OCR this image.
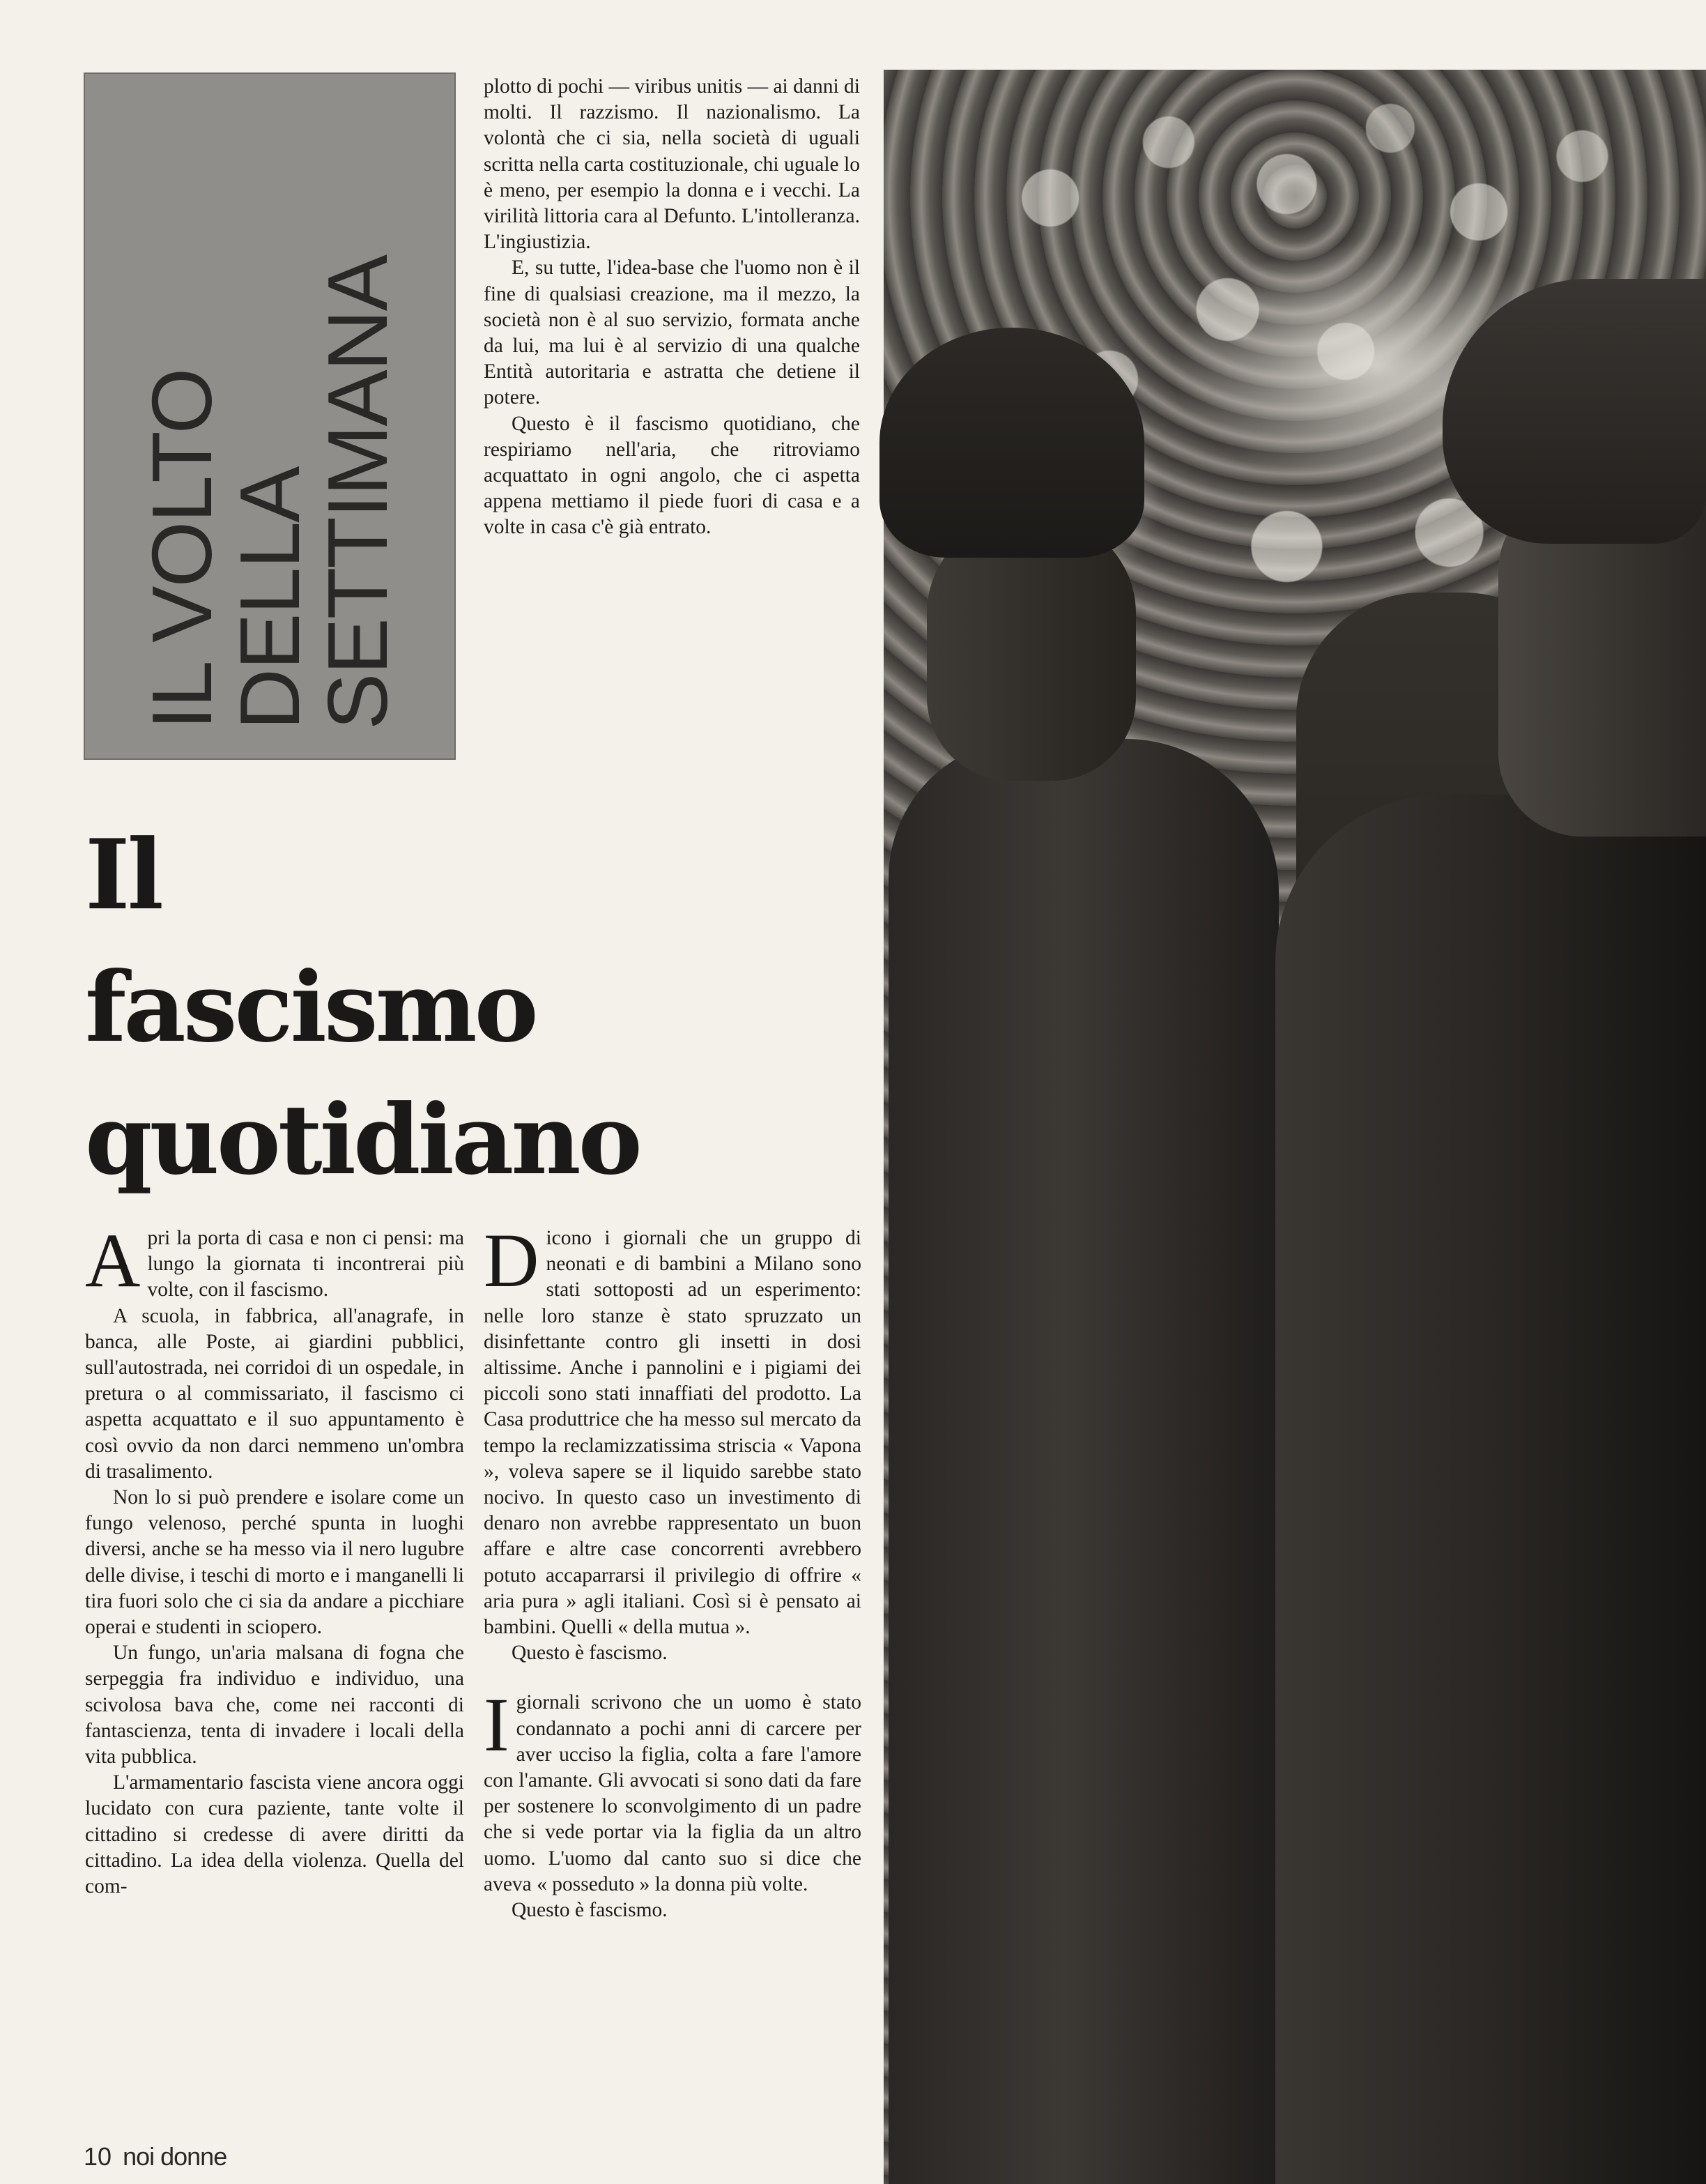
IL VOLTO
DELLA
SETTIMANA

plotto di pochi — viribus unitis — ai danni di molti. Il razzismo. Il nazionalismo. La volontà che ci sia, nella società di uguali scritta nella carta costituzionale, chi uguale lo è meno, per esempio la donna e i vecchi. La virilità littoria cara al Defunto. L'intolleranza. L'ingiustizia.

E, su tutte, l'idea-base che l'uomo non è il fine di qualsiasi creazione, ma il mezzo, la società non è al suo servizio, formata anche da lui, ma lui è al servizio di una qualche Entità autoritaria e astratta che detiene il potere.

Questo è il fascismo quotidiano, che respiriamo nell'aria, che ritroviamo acquattato in ogni angolo, che ci aspetta appena mettiamo il piede fuori di casa e a volte in casa c'è già entrato.

Il
fascismo
quotidiano

Apri la porta di casa e non ci pensi: ma lungo la giornata ti incontrerai più volte, con il fascismo.

A scuola, in fabbrica, all'anagrafe, in banca, alle Poste, ai giardini pubblici, sull'autostrada, nei corridoi di un ospedale, in pretura o al commissariato, il fascismo ci aspetta acquattato e il suo appuntamento è così ovvio da non darci nemmeno un'ombra di trasalimento.

Non lo si può prendere e isolare come un fungo velenoso, perché spunta in luoghi diversi, anche se ha messo via il nero lugubre delle divise, i teschi di morto e i manganelli li tira fuori solo che ci sia da andare a picchiare operai e studenti in sciopero.

Un fungo, un'aria malsana di fogna che serpeggia fra individuo e individuo, una scivolosa bava che, come nei racconti di fantascienza, tenta di invadere i locali della vita pubblica.

L'armamentario fascista viene ancora oggi lucidato con cura paziente, tante volte il cittadino si credesse di avere diritti da cittadino. La idea della violenza. Quella del com-

Dicono i giornali che un gruppo di neonati e di bambini a Milano sono stati sottoposti ad un esperimento: nelle loro stanze è stato spruzzato un disinfettante contro gli insetti in dosi altissime. Anche i pannolini e i pigiami dei piccoli sono stati innaffiati del prodotto. La Casa produttrice che ha messo sul mercato da tempo la reclamizzatissima striscia « Vapona », voleva sapere se il liquido sarebbe stato nocivo. In questo caso un investimento di denaro non avrebbe rappresentato un buon affare e altre case concorrenti avrebbero potuto accaparrarsi il privilegio di offrire « aria pura » agli italiani. Così si è pensato ai bambini. Quelli « della mutua ».

Questo è fascismo.

Igiornali scrivono che un uomo è stato condannato a pochi anni di carcere per aver ucciso la figlia, colta a fare l'amore con l'amante. Gli avvocati si sono dati da fare per sostenere lo sconvolgimento di un padre che si vede portar via la figlia da un altro uomo. L'uomo dal canto suo si dice che aveva « posseduto » la donna più volte.

Questo è fascismo.

10 noi donne
